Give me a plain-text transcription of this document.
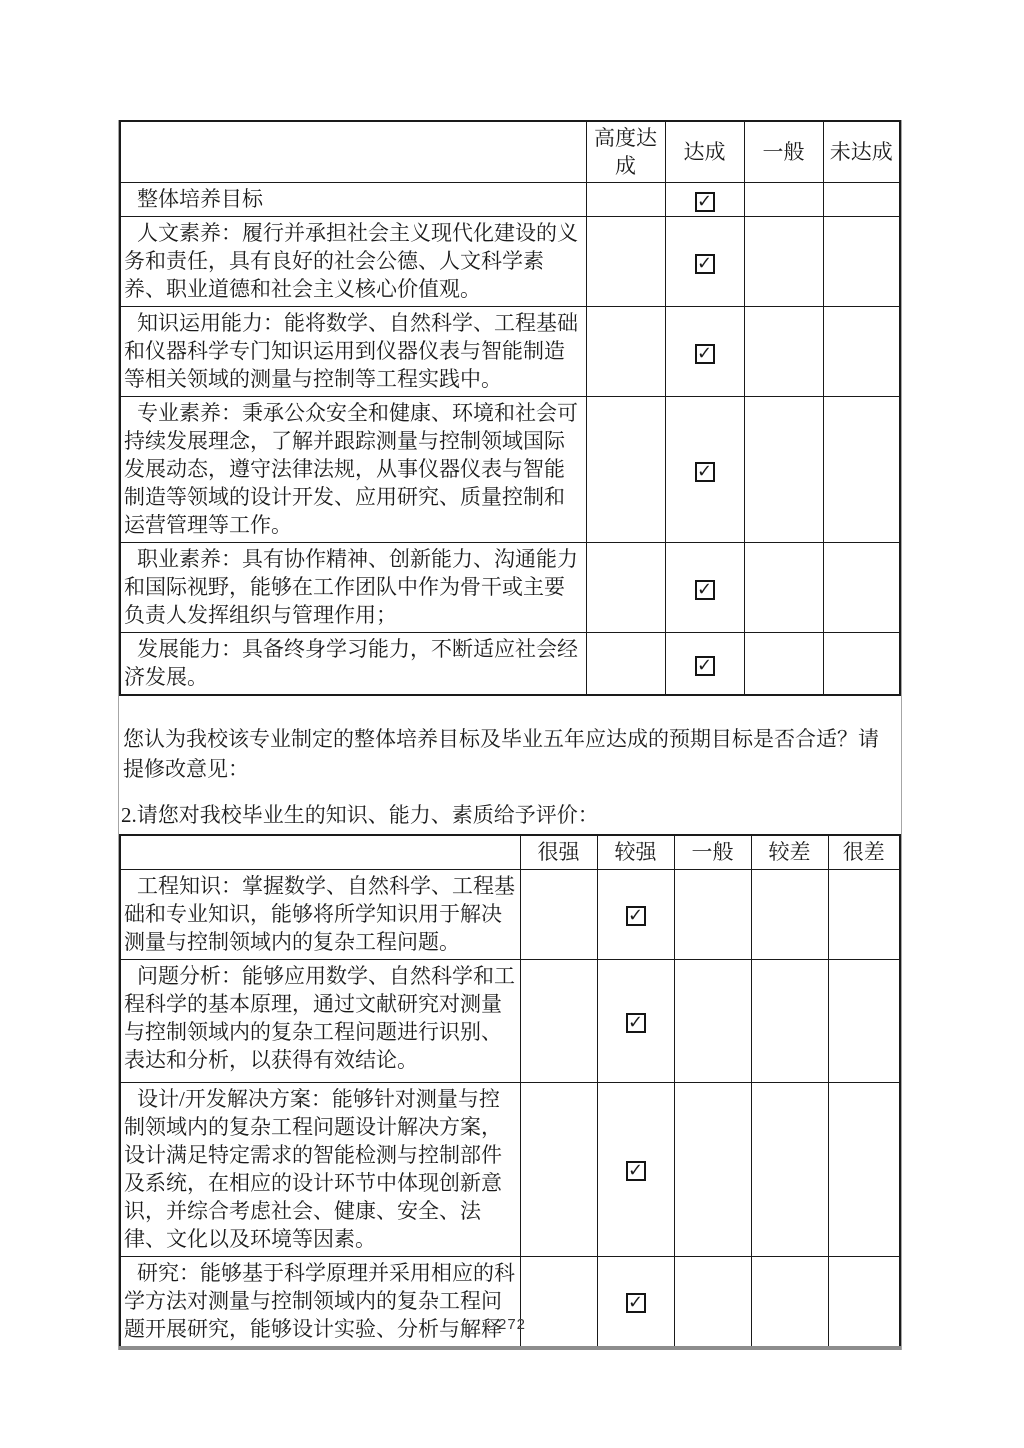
	高度达成	达成	一般	未达成

整体培养目标		✓		

人文素养：履行并承担社会主义现代化建设的义务和责任，具有良好的社会公德、人文科学素养、职业道德和社会主义核心价值观。		✓		

知识运用能力：能将数学、自然科学、工程基础和仪器科学专门知识运用到仪器仪表与智能制造等相关领域的测量与控制等工程实践中。		✓		

专业素养：秉承公众安全和健康、环境和社会可持续发展理念，了解并跟踪测量与控制领域国际发展动态，遵守法律法规，从事仪器仪表与智能制造等领域的设计开发、应用研究、质量控制和运营管理等工作。		✓		

职业素养：具有协作精神、创新能力、沟通能力和国际视野，能够在工作团队中作为骨干或主要负责人发挥组织与管理作用；		✓		

发展能力：具备终身学习能力，不断适应社会经济发展。		✓		

您认为我校该专业制定的整体培养目标及毕业五年应达成的预期目标是否合适？请提修改意见：

2.请您对我校毕业生的知识、能力、素质给予评价：

	很强	较强	一般	较差	很差

工程知识：掌握数学、自然科学、工程基础和专业知识，能够将所学知识用于解决测量与控制领域内的复杂工程问题。		✓			

问题分析：能够应用数学、自然科学和工程科学的基本原理，通过文献研究对测量与控制领域内的复杂工程问题进行识别、表达和分析，以获得有效结论。		✓			

设计/开发解决方案：能够针对测量与控制领域内的复杂工程问题设计解决方案，设计满足特定需求的智能检测与控制部件及系统，在相应的设计环节中体现创新意识，并综合考虑社会、健康、安全、法律、文化以及环境等因素。		✓			

研究：能够基于科学原理并采用相应的科学方法对测量与控制领域内的复杂工程问题开展研究，能够设计实验、分析与解释		✓			
272
